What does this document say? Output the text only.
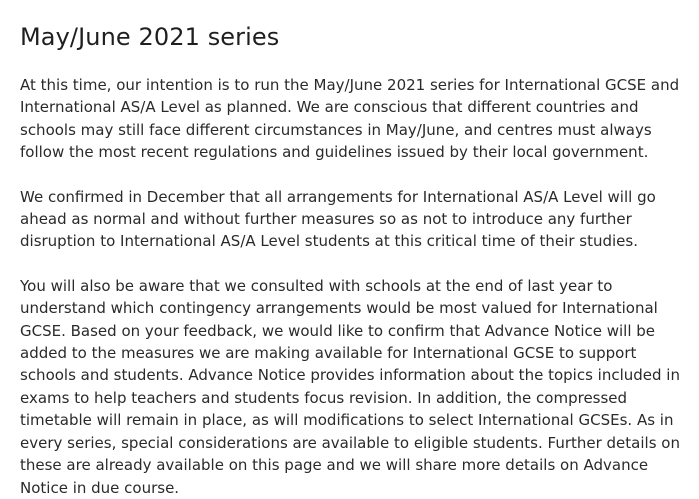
May/June 2021 series

At this time, our intention is to run the May/June 2021 series for International GCSE and International AS/A Level as planned. We are conscious that different countries and schools may still face different circumstances in May/June, and centres must always follow the most recent regulations and guidelines issued by their local government.

We confirmed in December that all arrangements for International AS/A Level will go ahead as normal and without further measures so as not to introduce any further disruption to International AS/A Level students at this critical time of their studies.

You will also be aware that we consulted with schools at the end of last year to understand which contingency arrangements would be most valued for International GCSE. Based on your feedback, we would like to confirm that Advance Notice will be added to the measures we are making available for International GCSE to support schools and students. Advance Notice provides information about the topics included in exams to help teachers and students focus revision. In addition, the compressed timetable will remain in place, as will modifications to select International GCSEs. As in every series, special considerations are available to eligible students. Further details on these are already available on this page and we will share more details on Advance Notice in due course.
